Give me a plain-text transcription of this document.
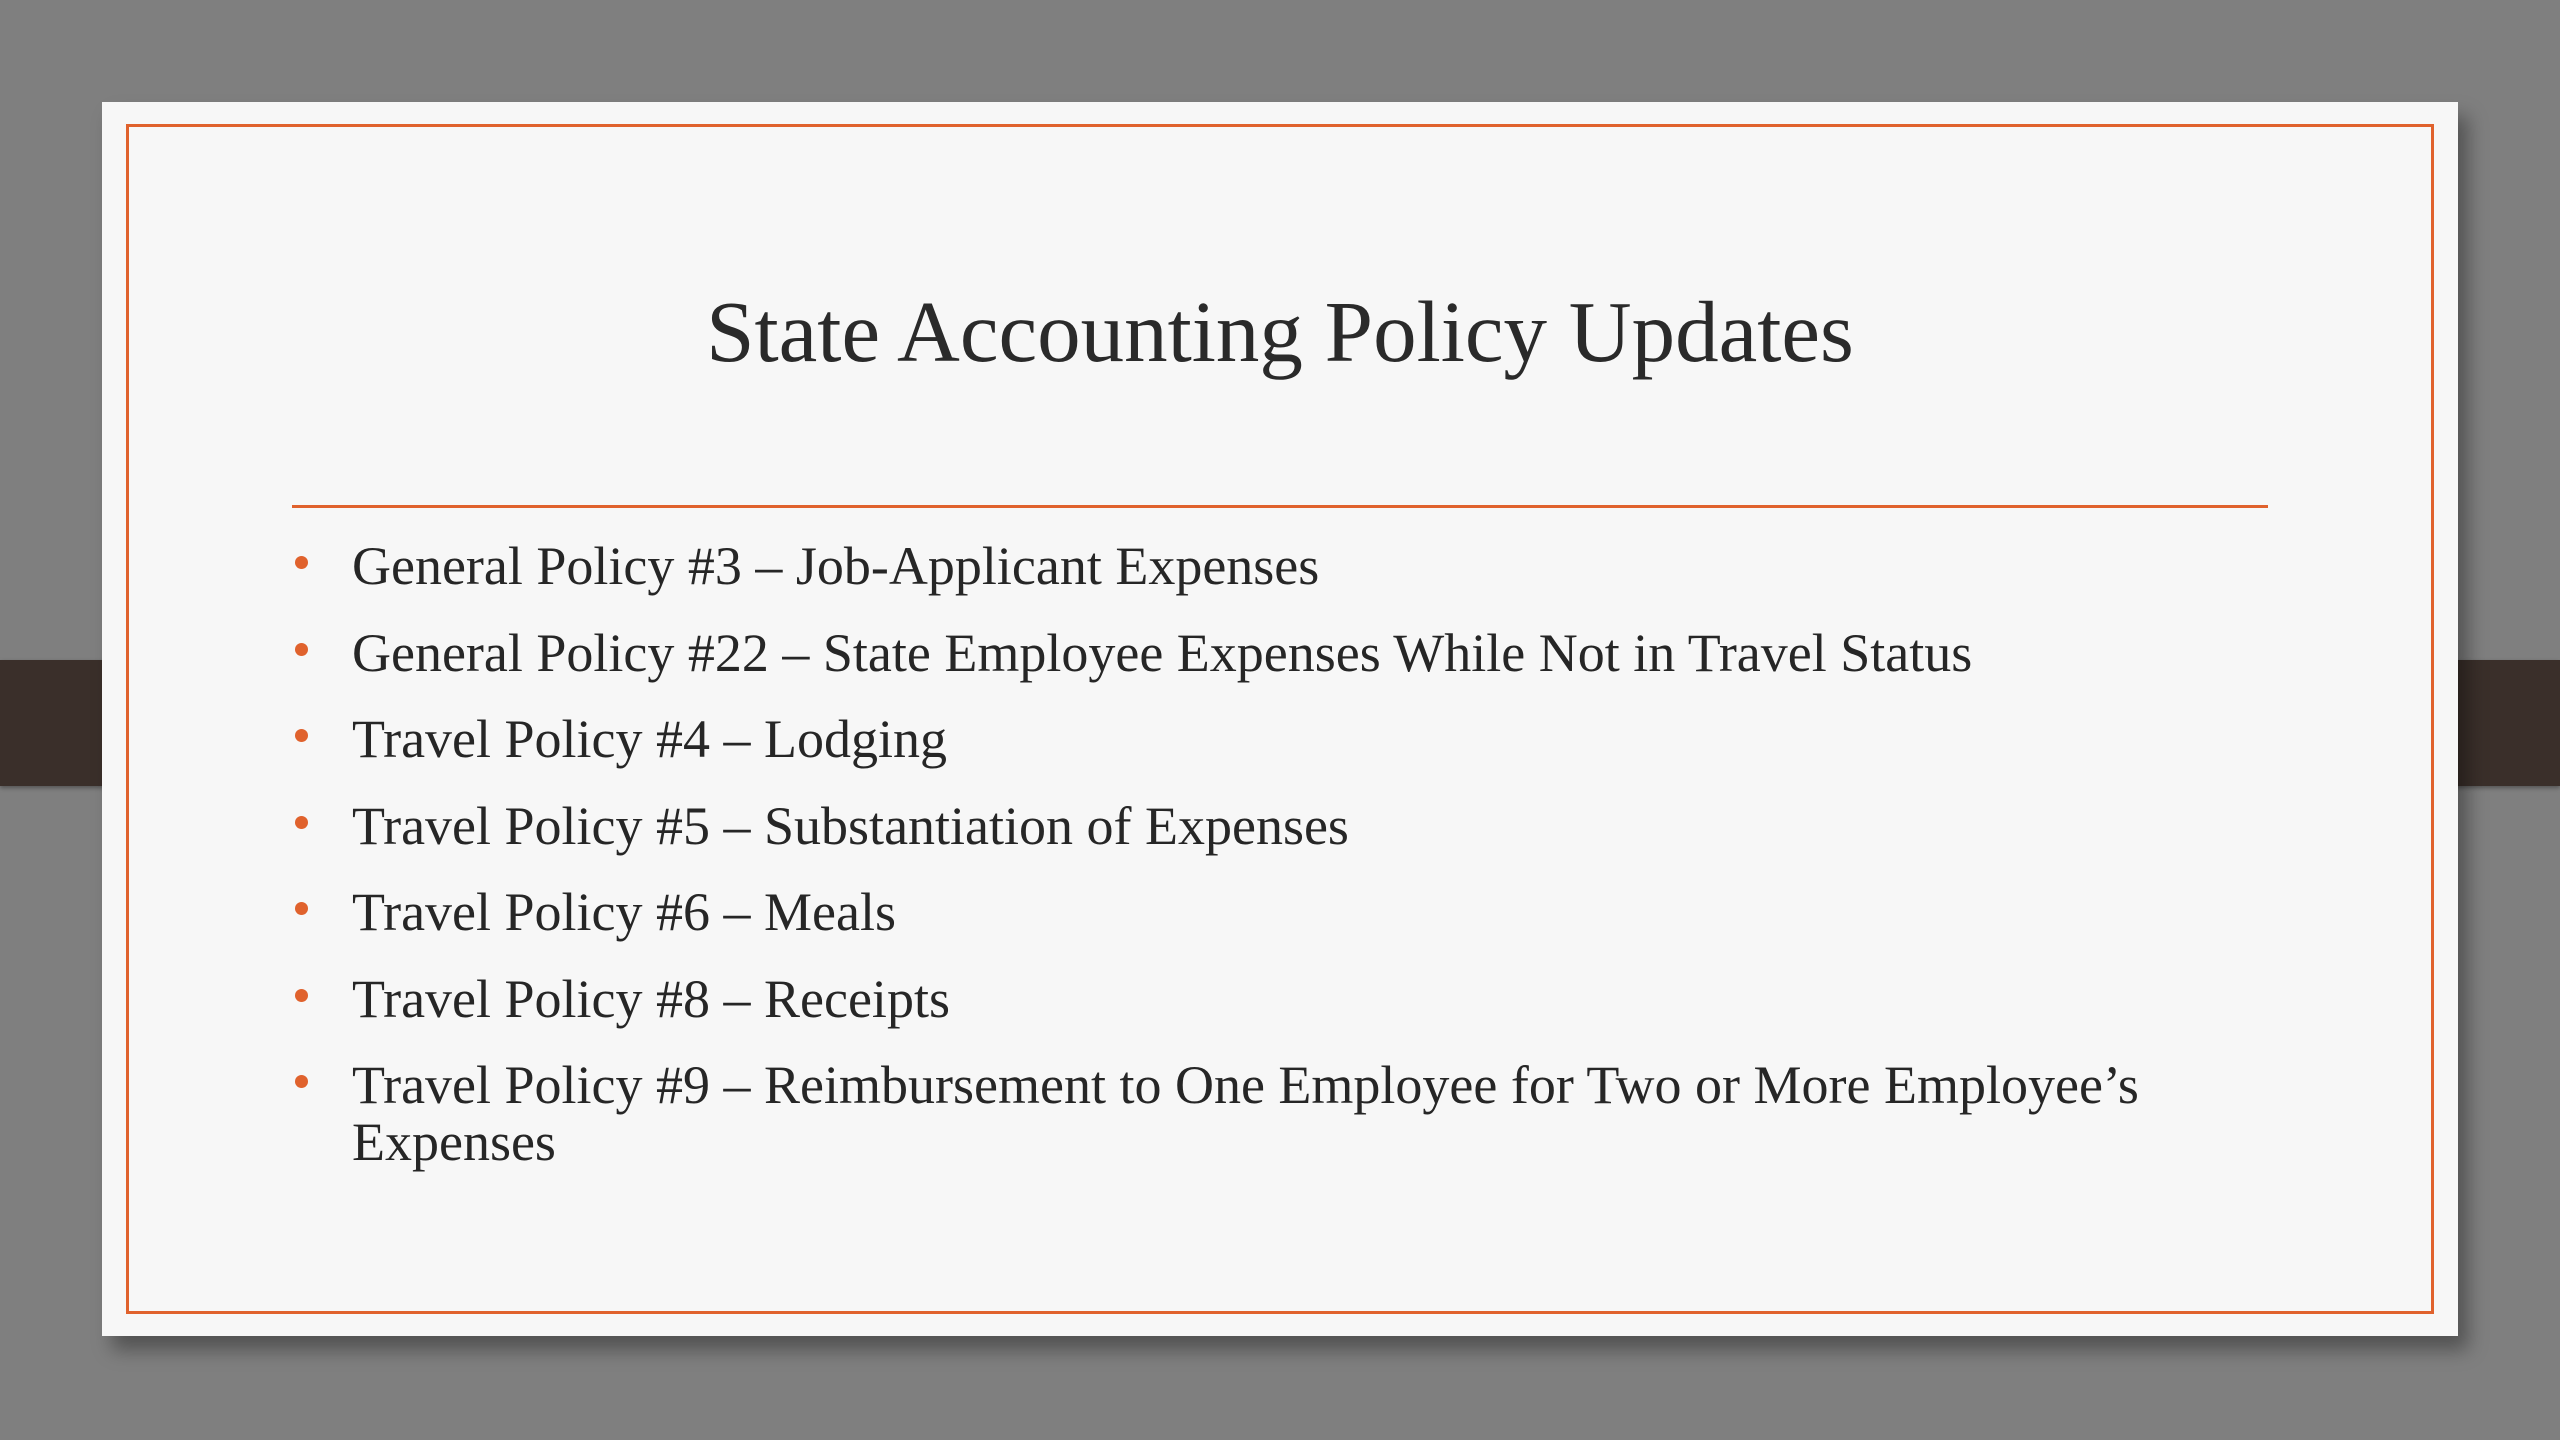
State Accounting Policy Updates
General Policy #3 – Job-Applicant Expenses
General Policy #22 – State Employee Expenses While Not in Travel Status
Travel Policy #4 – Lodging
Travel Policy #5 – Substantiation of Expenses
Travel Policy #6 – Meals
Travel Policy #8 – Receipts
Travel Policy #9 – Reimbursement to One Employee for Two or More Employee’s Expenses
